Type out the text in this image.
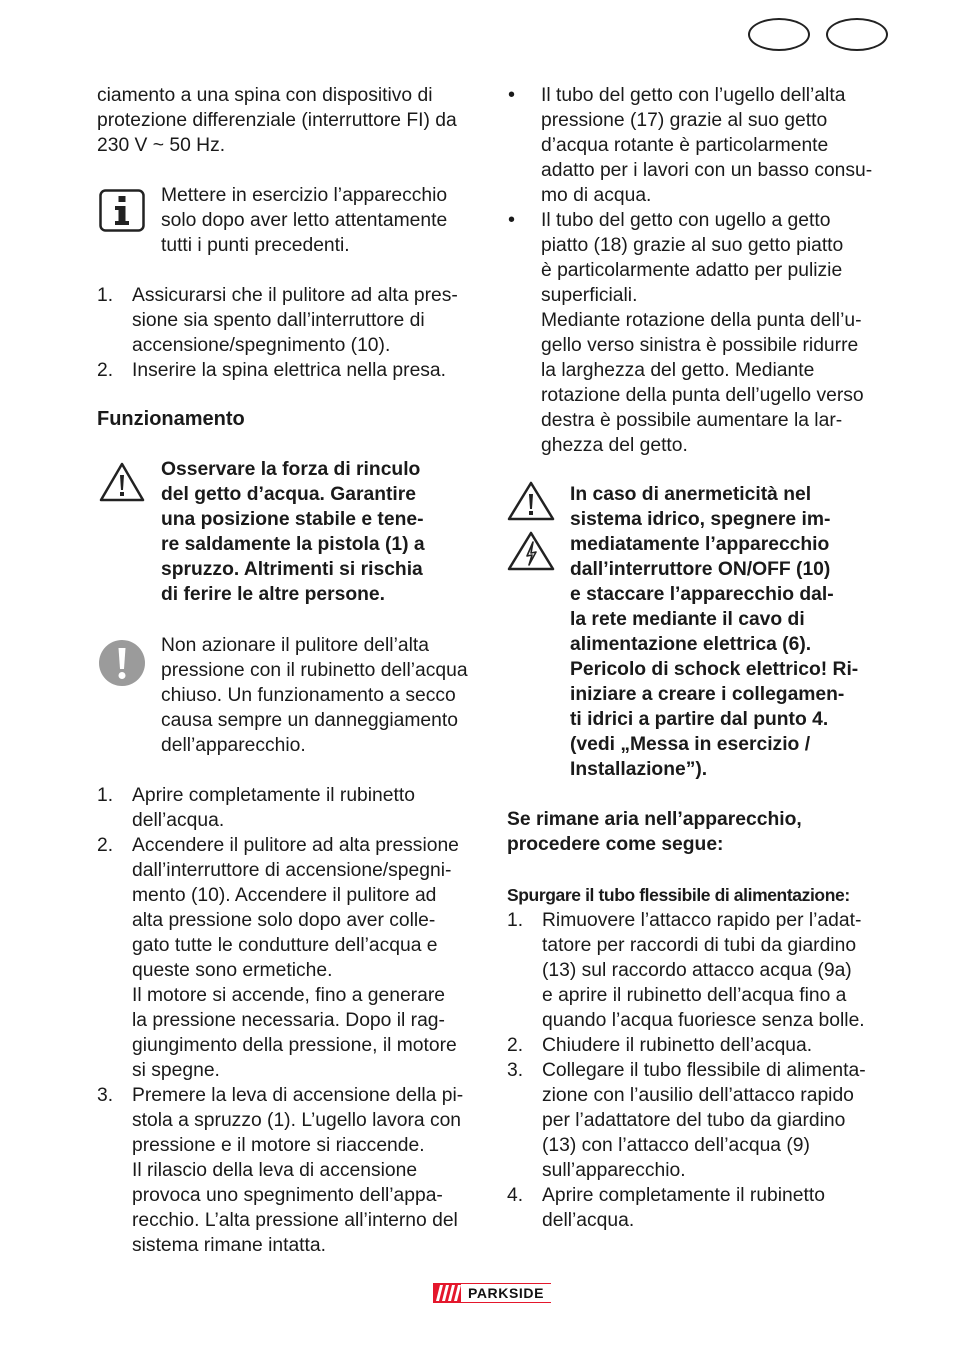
ciamento a una spina con dispositivo di
protezione differenziale (interruttore FI) da
230 V ~ 50 Hz.
Mettere in esercizio l’apparecchio
solo dopo aver letto attentamente
tutti i punti precedenti.
1. Assicurarsi che il pulitore ad alta pres-
sione sia spento dall’interruttore di
accensione/spegnimento (10).
2. Inserire la spina elettrica nella presa.
Funzionamento
Osservare la forza di rinculo
del getto d’acqua. Garantire
una posizione stabile e tene-
re saldamente la pistola (1) a
spruzzo. Altrimenti si rischia
di ferire le altre persone.
Non azionare il pulitore dell’alta
pressione con il rubinetto dell’acqua
chiuso. Un funzionamento a secco
causa sempre un danneggiamento
dell’apparecchio.
1. Aprire completamente il rubinetto
dell’acqua.
2. Accendere il pulitore ad alta pressione
dall’interruttore di accensione/spegni-
mento (10). Accendere il pulitore ad
alta pressione solo dopo aver colle-
gato tutte le condutture dell’acqua e
queste sono ermetiche.
Il motore si accende, fino a generare
la pressione necessaria. Dopo il rag-
giungimento della pressione, il motore
si spegne.
3. Premere la leva di accensione della pi-
stola a spruzzo (1). L’ugello lavora con
pressione e il motore si riaccende.
Il rilascio della leva di accensione
provoca uno spegnimento dell’appa-
recchio. L’alta pressione all’interno del
sistema rimane intatta.
• Il tubo del getto con l’ugello dell’alta
pressione (17) grazie al suo getto
d’acqua rotante è particolarmente
adatto per i lavori con un basso consu-
mo di acqua.
• Il tubo del getto con ugello a getto
piatto (18) grazie al suo getto piatto
è particolarmente adatto per pulizie
superficiali.
Mediante rotazione della punta dell’u-
gello verso sinistra è possibile ridurre
la larghezza del getto. Mediante
rotazione della punta dell’ugello verso
destra è possibile aumentare la lar-
ghezza del getto.
In caso di anermeticità nel
sistema idrico, spegnere im-
mediatamente l’apparecchio
dall’interruttore ON/OFF (10)
e staccare l’apparecchio dal-
la rete mediante il cavo di
alimentazione elettrica (6).
Pericolo di schock elettrico! Ri-
iniziare a creare i collegamen-
ti idrici a partire dal punto 4.
(vedi „Messa in esercizio /
Installazione”).
Se rimane aria nell’apparecchio,
procedere come segue:
Spurgare il tubo flessibile di alimentazione:
1. Rimuovere l’attacco rapido per l’adat-
tatore per raccordi di tubi da giardino
(13) sul raccordo attacco acqua (9a)
e aprire il rubinetto dell’acqua fino a
quando l’acqua fuoriesce senza bolle.
2. Chiudere il rubinetto dell’acqua.
3. Collegare il tubo flessibile di alimenta-
zione con l’ausilio dell’attacco rapido
per l’adattatore del tubo da giardino
(13) con l’attacco dell’acqua (9)
sull’apparecchio.
4. Aprire completamente il rubinetto
dell’acqua.
PARKSIDE
